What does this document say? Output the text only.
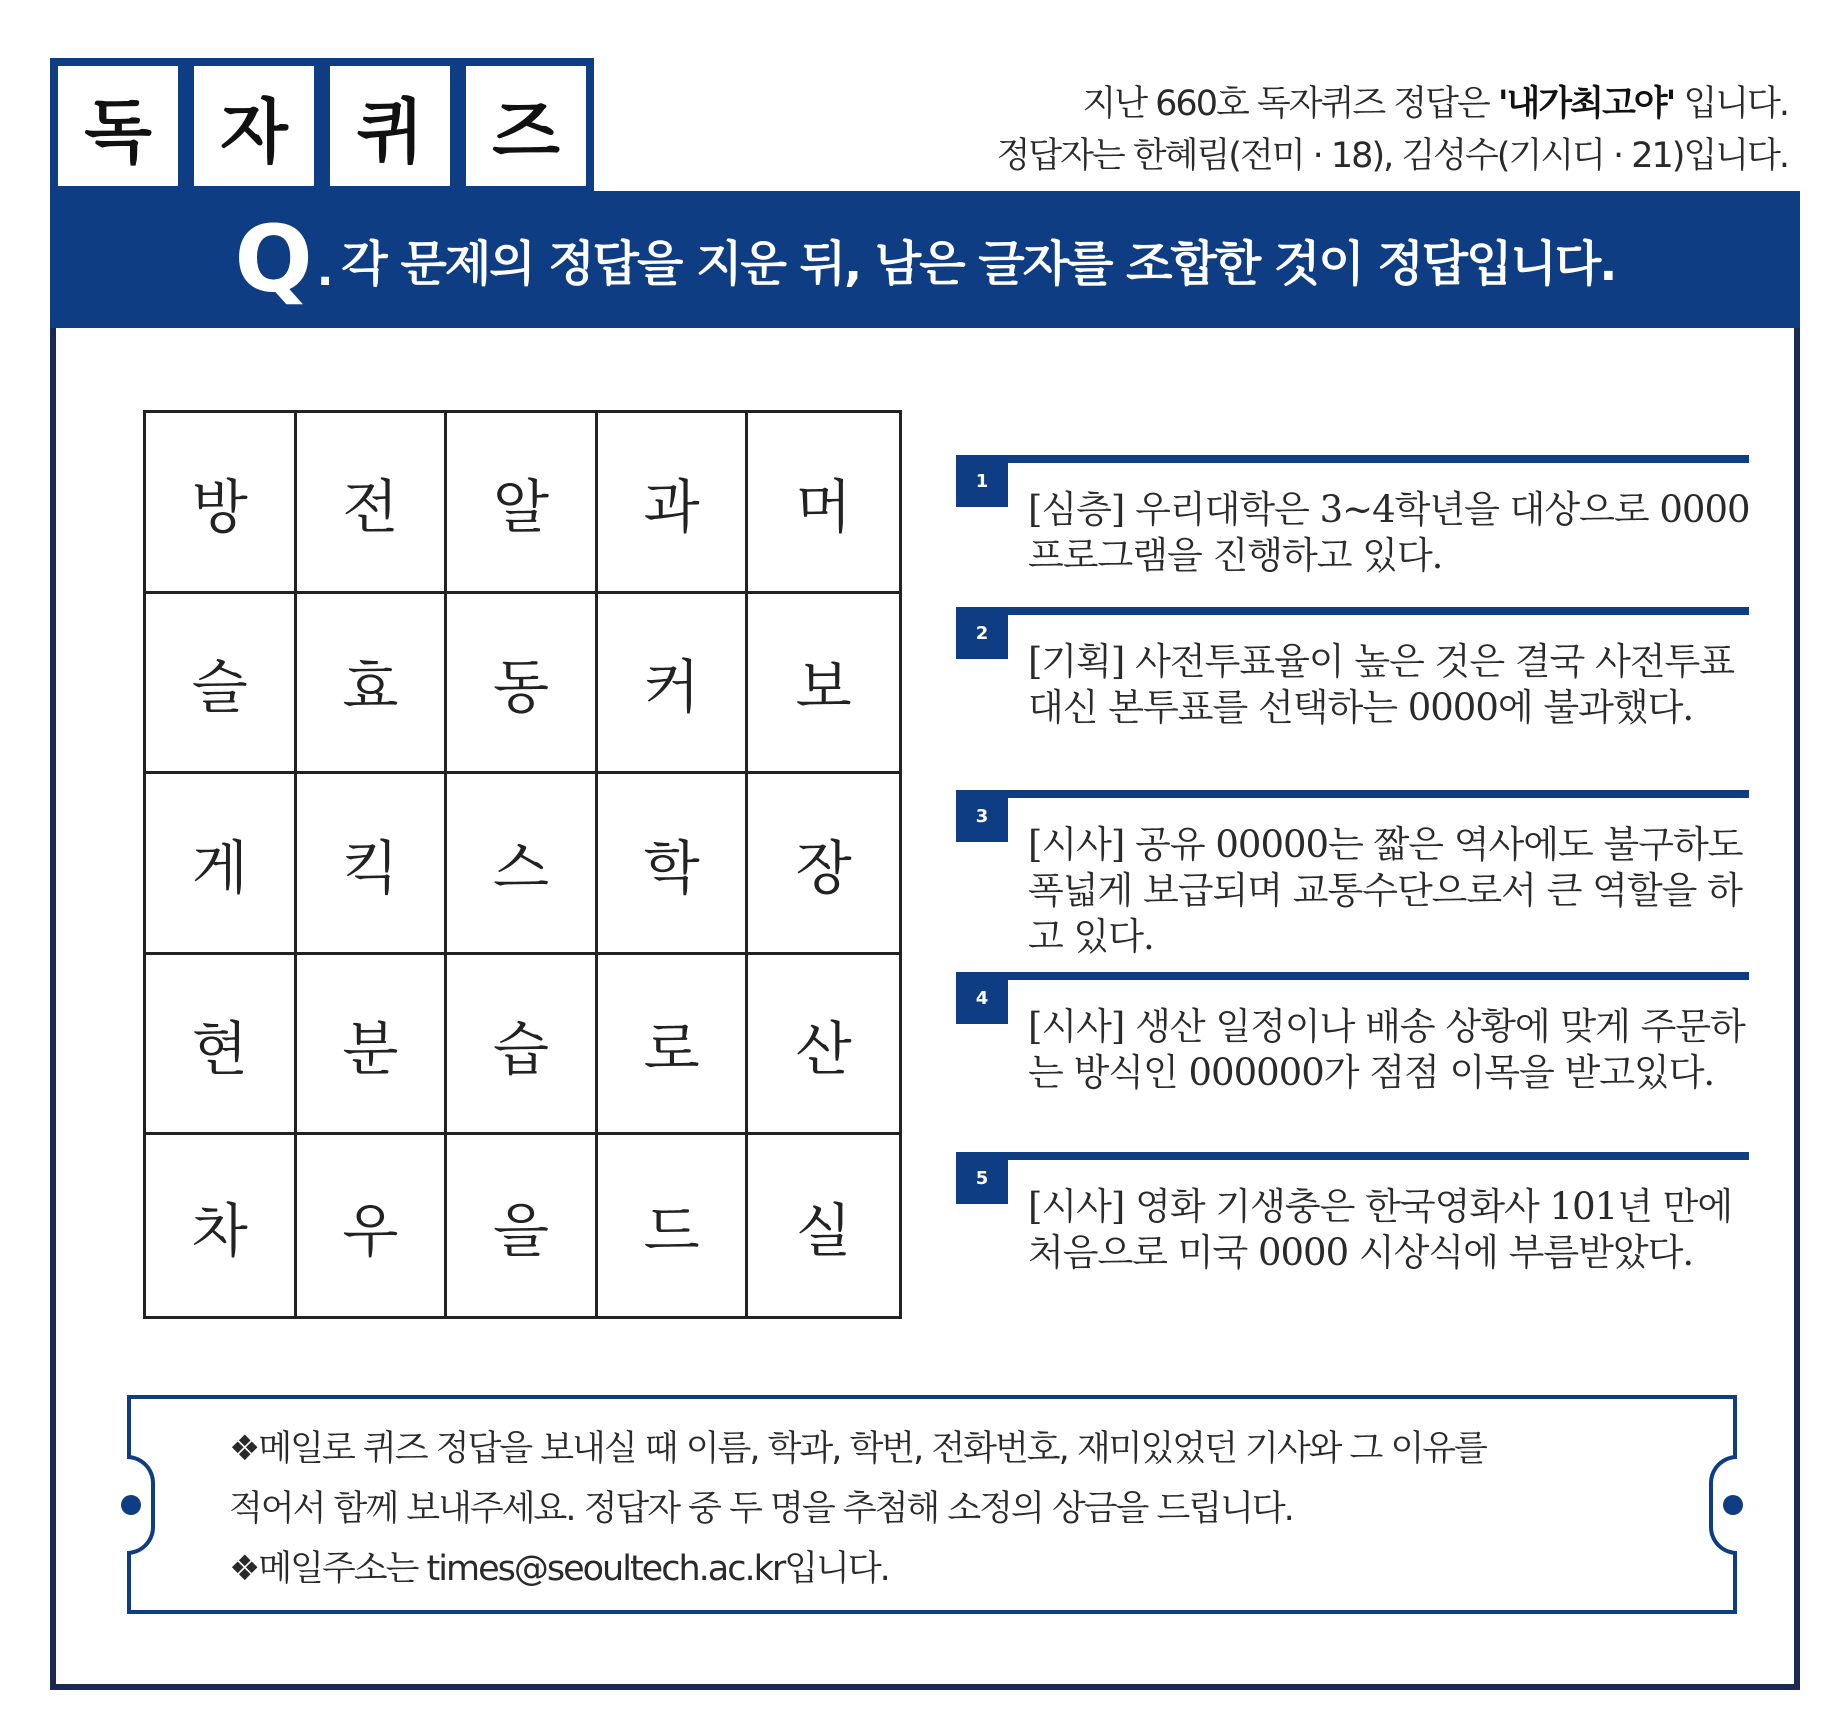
독 자 퀴 즈	지난 660호 독자퀴즈 정답은 '내가최고야' 입니다.
정답자는 한혜림(전미 · 18), 김성수(기시디 · 21)입니다.
Q . 각 문제의 정답을 지운 뒤, 남은 글자를 조합한 것이 정답입니다.
방	전	알	과	머
슬	효	동	커	보
게	킥	스	학	장
현	분	습	로	산
차	우	을	드	실
1
[심층] 우리대학은 3~4학년을 대상으로 0000 프로그램을 진행하고 있다.
2
[기획] 사전투표율이 높은 것은 결국 사전투표 대신 본투표를 선택하는 0000에 불과했다.
3
[시사] 공유 00000는 짧은 역사에도 불구하도 폭넓게 보급되며 교통수단으로서 큰 역할을 하고 있다.
4
[시사] 생산 일정이나 배송 상황에 맞게 주문하는 방식인 000000가 점점 이목을 받고있다.
5
[시사] 영화 기생충은 한국영화사 101년 만에 처음으로 미국 0000 시상식에 부름받았다.
❖메일로 퀴즈 정답을 보내실 때 이름, 학과, 학번, 전화번호, 재미있었던 기사와 그 이유를
적어서 함께 보내주세요. 정답자 중 두 명을 추첨해 소정의 상금을 드립니다.
❖메일주소는 times@seoultech.ac.kr입니다.
